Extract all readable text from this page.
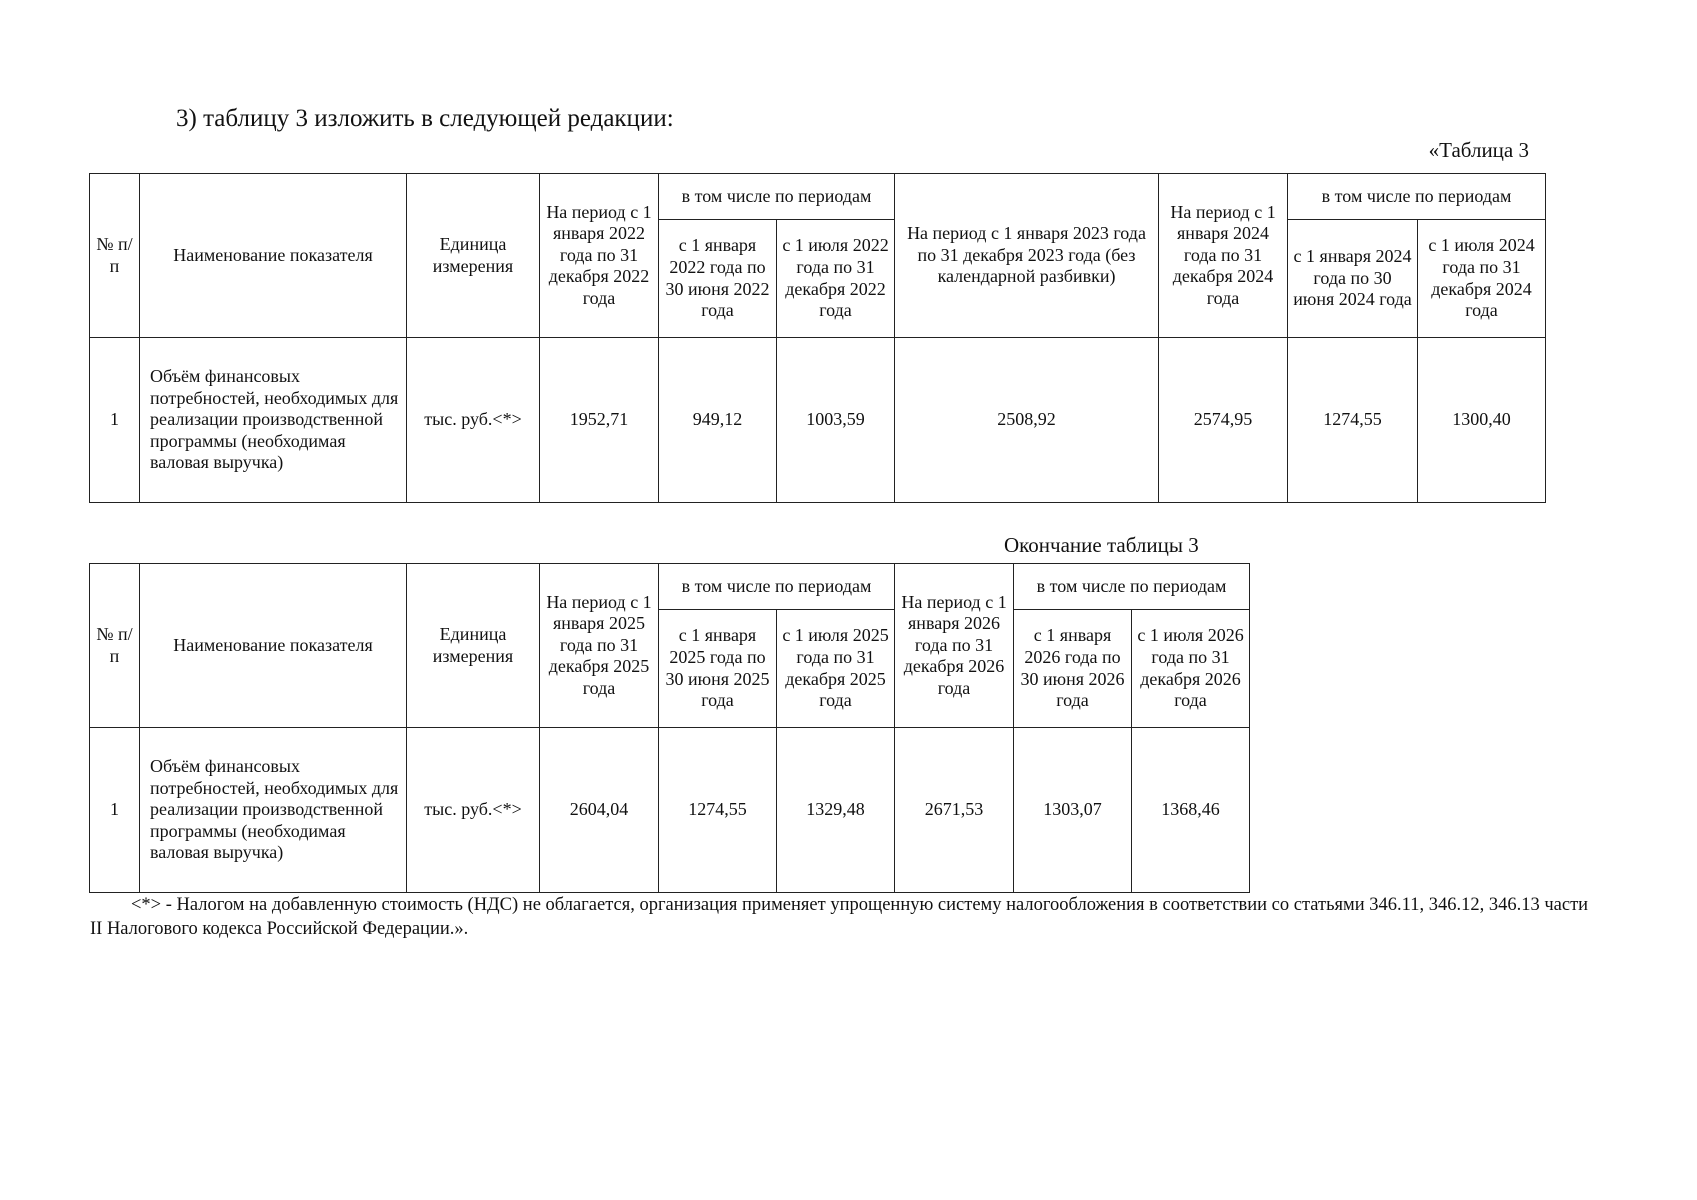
3) таблицу 3 изложить в следующей редакции:

«Таблица 3
№ п/п	Наименование показателя	Единица измерения	На период с 1 января 2022 года по 31 декабря 2022 года	в том числе по периодам		На период с 1 января 2023 года по 31 декабря 2023 года (без календарной разбивки)	На период с 1 января 2024 года по 31 декабря 2024 года	в том числе по периодам	
				с 1 января 2022 года по 30 июня 2022 года	с 1 июля 2022 года по 31 декабря 2022 года			с 1 января 2024 года по 30 июня 2024 года	с 1 июля 2024 года по 31 декабря 2024 года
1	Объём финансовых потребностей, необходимых для реализации производственной программы (необходимая валовая выручка)	тыс. руб.<*>	1952,71	949,12	1003,59	2508,92	2574,95	1274,55	1300,40
Окончание таблицы 3
№ п/п	Наименование показателя	Единица измерения	На период с 1 января 2025 года по 31 декабря 2025 года	в том числе по периодам		На период с 1 января 2026 года по 31 декабря 2026 года	в том числе по периодам	
				с 1 января 2025 года по 30 июня 2025 года	с 1 июля 2025 года по 31 декабря 2025 года		с 1 января 2026 года по 30 июня 2026 года	с 1 июля 2026 года по 31 декабря 2026 года
1	Объём финансовых потребностей, необходимых для реализации производственной программы (необходимая валовая выручка)	тыс. руб.<*>	2604,04	1274,55	1329,48	2671,53	1303,07	1368,46

<*> - Налогом на добавленную стоимость (НДС) не облагается, организация применяет упрощенную систему налогообложения в соответствии со статьями 346.11, 346.12, 346.13 части II Налогового кодекса Российской Федерации.».
